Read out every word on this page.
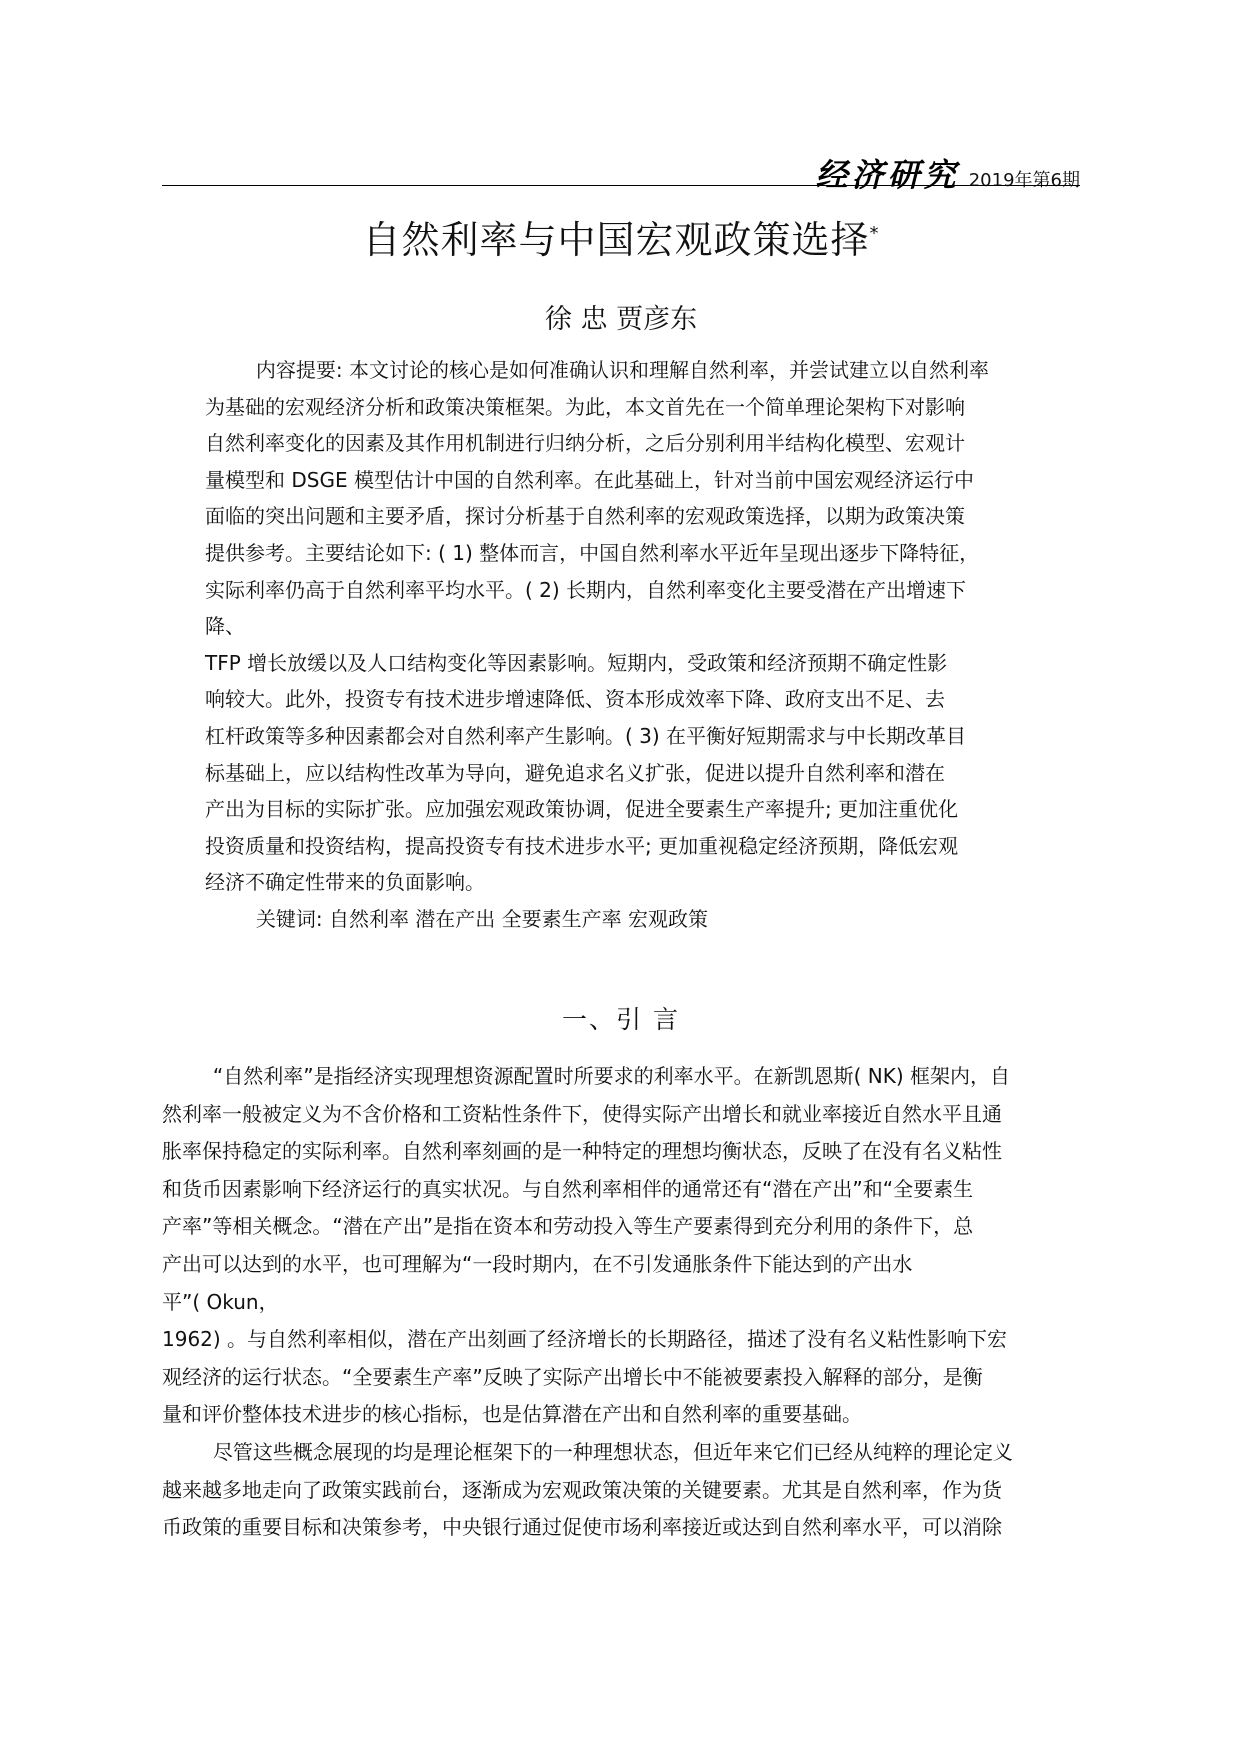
经济研究 2019年第6期
自然利率与中国宏观政策选择*
徐 忠 贾彦东
内容提要: 本文讨论的核心是如何准确认识和理解自然利率，并尝试建立以自然利率
为基础的宏观经济分析和政策决策框架。为此，本文首先在一个简单理论架构下对影响
自然利率变化的因素及其作用机制进行归纳分析，之后分别利用半结构化模型、宏观计
量模型和 DSGE 模型估计中国的自然利率。在此基础上，针对当前中国宏观经济运行中
面临的突出问题和主要矛盾，探讨分析基于自然利率的宏观政策选择，以期为政策决策
提供参考。主要结论如下: ( 1) 整体而言，中国自然利率水平近年呈现出逐步下降特征，
实际利率仍高于自然利率平均水平。( 2) 长期内，自然利率变化主要受潜在产出增速下
降、
TFP 增长放缓以及人口结构变化等因素影响。短期内，受政策和经济预期不确定性影
响较大。此外，投资专有技术进步增速降低、资本形成效率下降、政府支出不足、去
杠杆政策等多种因素都会对自然利率产生影响。( 3) 在平衡好短期需求与中长期改革目
标基础上，应以结构性改革为导向，避免追求名义扩张，促进以提升自然利率和潜在
产出为目标的实际扩张。应加强宏观政策协调，促进全要素生产率提升; 更加注重优化
投资质量和投资结构，提高投资专有技术进步水平; 更加重视稳定经济预期，降低宏观
经济不确定性带来的负面影响。
关键词: 自然利率 潜在产出 全要素生产率 宏观政策
一、引 言
“自然利率”是指经济实现理想资源配置时所要求的利率水平。在新凯恩斯( NK) 框架内，自
然利率一般被定义为不含价格和工资粘性条件下，使得实际产出增长和就业率接近自然水平且通
胀率保持稳定的实际利率。自然利率刻画的是一种特定的理想均衡状态，反映了在没有名义粘性
和货币因素影响下经济运行的真实状况。与自然利率相伴的通常还有“潜在产出”和“全要素生
产率”等相关概念。“潜在产出”是指在资本和劳动投入等生产要素得到充分利用的条件下，总
产出可以达到的水平，也可理解为“一段时期内，在不引发通胀条件下能达到的产出水
平”( Okun，
1962) 。与自然利率相似，潜在产出刻画了经济增长的长期路径，描述了没有名义粘性影响下宏
观经济的运行状态。“全要素生产率”反映了实际产出增长中不能被要素投入解释的部分，是衡
量和评价整体技术进步的核心指标，也是估算潜在产出和自然利率的重要基础。
尽管这些概念展现的均是理论框架下的一种理想状态，但近年来它们已经从纯粹的理论定义
越来越多地走向了政策实践前台，逐渐成为宏观政策决策的关键要素。尤其是自然利率，作为货
币政策的重要目标和决策参考，中央银行通过促使市场利率接近或达到自然利率水平，可以消除
